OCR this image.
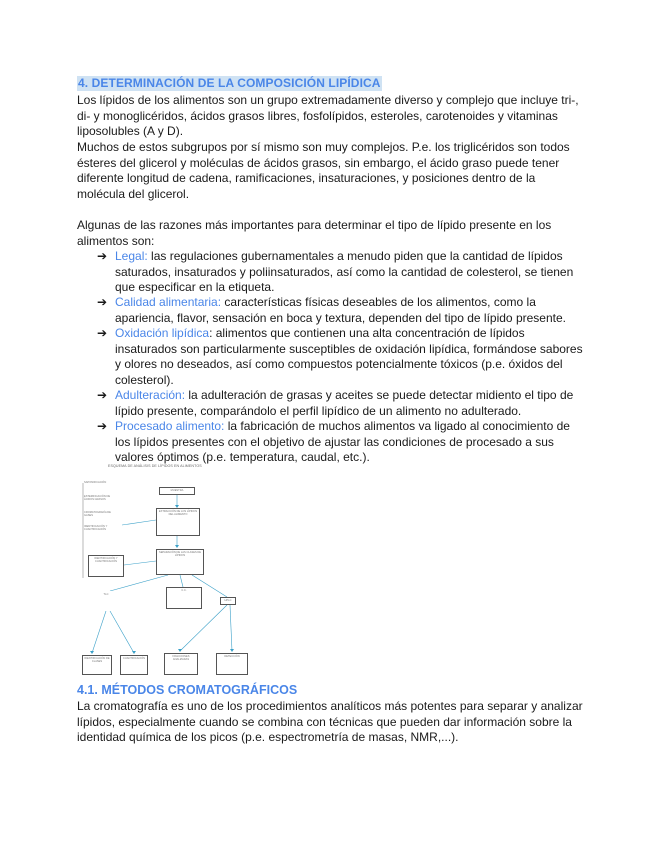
4. DETERMINACIÓN DE LA COMPOSICIÓN LIPÍDICA
Los lípidos de los alimentos son un grupo extremadamente diverso y complejo que incluye tri-, di- y monoglicéridos, ácidos grasos libres, fosfolípidos, esteroles, carotenoides y vitaminas liposolubles (A y D).
Muchos de estos subgrupos por sí mismo son muy complejos. P.e. los triglicéridos son todos ésteres del glicerol y moléculas de ácidos grasos, sin embargo, el ácido graso puede tener diferente longitud de cadena, ramificaciones, insaturaciones, y posiciones dentro de la molécula del glicerol.
Algunas de las razones más importantes para determinar el tipo de lípido presente en los alimentos son:
➔ Legal: las regulaciones gubernamentales a menudo piden que la cantidad de lípidos saturados, insaturados y poliinsaturados, así como la cantidad de colesterol, se tienen que especificar en la etiqueta.
➔ Calidad alimentaria: características físicas deseables de los alimentos, como la apariencia, flavor, sensación en boca y textura, dependen del tipo de lípido presente.
➔ Oxidación lipídica: alimentos que contienen una alta concentración de lípidos insaturados son particularmente susceptibles de oxidación lipídica, formándose sabores y olores no deseados, así como compuestos potencialmente tóxicos (p.e. óxidos del colesterol).
➔ Adulteración: la adulteración de grasas y aceites se puede detectar midiento el tipo de lípido presente, comparándolo el perfil lipídico de un alimento no adulterado.
➔ Procesado alimento: la fabricación de muchos alimentos va ligado al conocimiento de los lípidos presentes con el objetivo de ajustar las condiciones de procesado a sus valores óptimos (p.e. temperatura, caudal, etc.).
ESQUEMA DE ANÁLISIS DE LÍPIDOS EN ALIMENTOS
SAPONIFICACIÓN
ESTERIFICACIÓN DE ÁCIDOS GRASOS
CROMATOGRAFÍA DE GASES
IDENTIFICACIÓN Y CUANTIFICACIÓN
MUESTRA
EXTRACCIÓN DE LOS LÍPIDOS DEL ALIMENTO
SEPARACIÓN DE LAS CLASES DE LÍPIDOS
IDENTIFICACIÓN Y CUANTIFICACIÓN
TLC
C.C.
HPLC
IDENTIFICACIÓN DE CLASES
CUANTIFICACIÓN
FRACCIONES ANALIZADAS
DETECCIÓN
4.1. MÉTODOS CROMATOGRÁFICOS
La cromatografía es uno de los procedimientos analíticos más potentes para separar y analizar lípidos, especialmente cuando se combina con técnicas que pueden dar información sobre la identidad química de los picos (p.e. espectrometría de masas, NMR,...).
